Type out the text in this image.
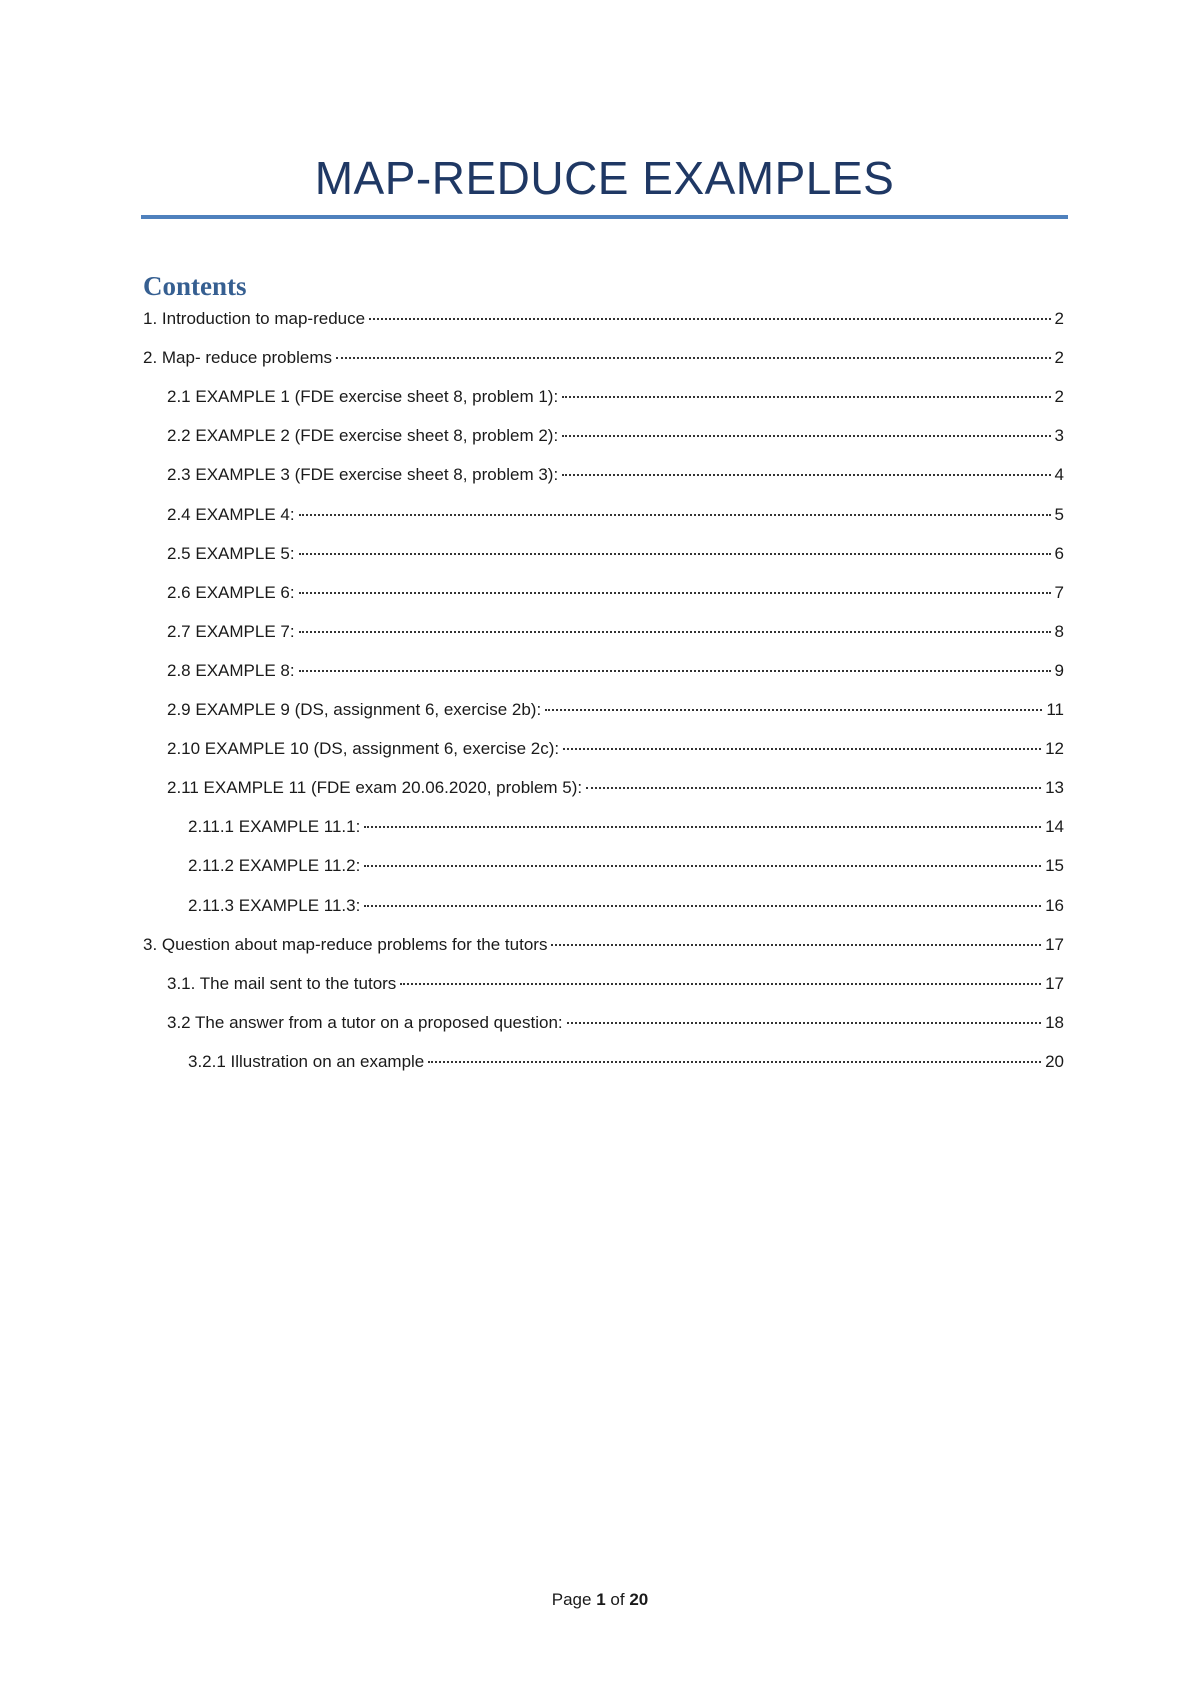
MAP-REDUCE EXAMPLES
Contents
1. Introduction to map-reduce	2
2. Map- reduce problems	2
2.1 EXAMPLE 1 (FDE exercise sheet 8, problem 1):	2
2.2 EXAMPLE 2 (FDE exercise sheet 8, problem 2):	3
2.3 EXAMPLE 3 (FDE exercise sheet 8, problem 3):	4
2.4 EXAMPLE 4:	5
2.5 EXAMPLE 5:	6
2.6 EXAMPLE 6:	7
2.7 EXAMPLE 7:	8
2.8 EXAMPLE 8:	9
2.9 EXAMPLE 9 (DS, assignment 6, exercise 2b):	11
2.10 EXAMPLE 10 (DS, assignment 6, exercise 2c):	12
2.11 EXAMPLE 11 (FDE exam 20.06.2020, problem 5):	13
2.11.1 EXAMPLE 11.1:	14
2.11.2 EXAMPLE 11.2:	15
2.11.3 EXAMPLE 11.3:	16
3. Question about map-reduce problems for the tutors	17
3.1. The mail sent to the tutors	17
3.2 The answer from a tutor on a proposed question:	18
3.2.1 Illustration on an example	20
Page 1 of 20
